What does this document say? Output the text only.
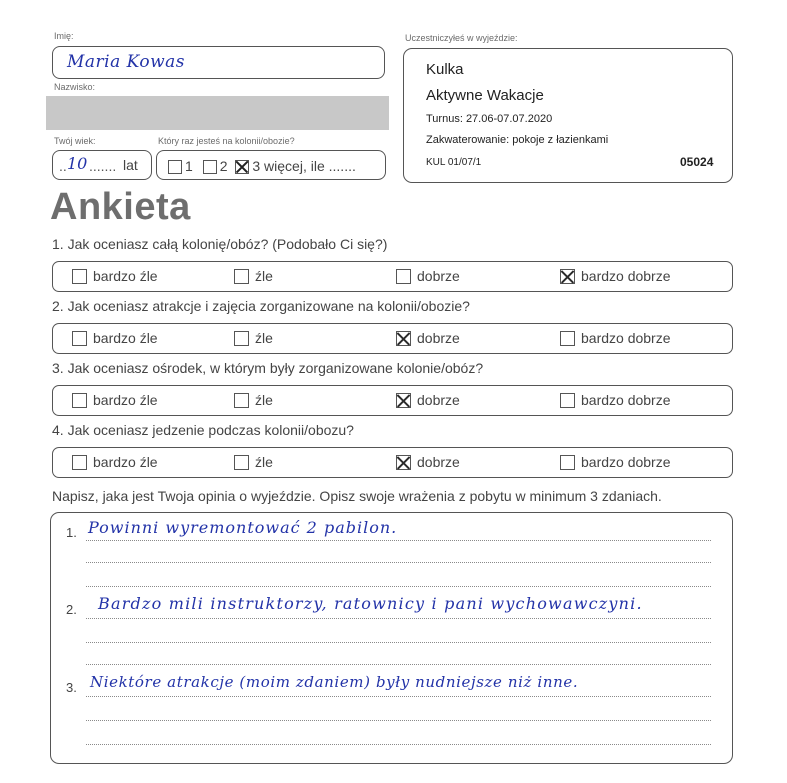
Imię:
Maria Kowas
Nazwisko:
Twój wiek:
.. 10 ....... lat
Który raz jesteś na kolonii/obozie?
1 2 3 więcej, ile .......
Uczestniczyłeś w wyjeździe:
Kulka
Aktywne Wakacje
Turnus: 27.06-07.07.2020
Zakwaterowanie: pokoje z łazienkami
KUL 01/07/1	05024
Ankieta
1. Jak oceniasz całą kolonię/obóz? (Podobało Ci się?)
bardzo źle	źle	dobrze	bardzo dobrze
2. Jak oceniasz atrakcje i zajęcia zorganizowane na kolonii/obozie?
bardzo źle	źle	dobrze	bardzo dobrze
3. Jak oceniasz ośrodek, w którym były zorganizowane kolonie/obóz?
bardzo źle	źle	dobrze	bardzo dobrze
4. Jak oceniasz jedzenie podczas kolonii/obozu?
bardzo źle	źle	dobrze	bardzo dobrze
Napisz, jaka jest Twoja opinia o wyjeździe. Opisz swoje wrażenia z pobytu w minimum 3 zdaniach.
1. Powinni wyremontować 2 pabilon.
2. Bardzo mili instruktorzy, ratownicy i pani wychowawczyni.
3. Niektóre atrakcje (moim zdaniem) były nudniejsze niż inne.
